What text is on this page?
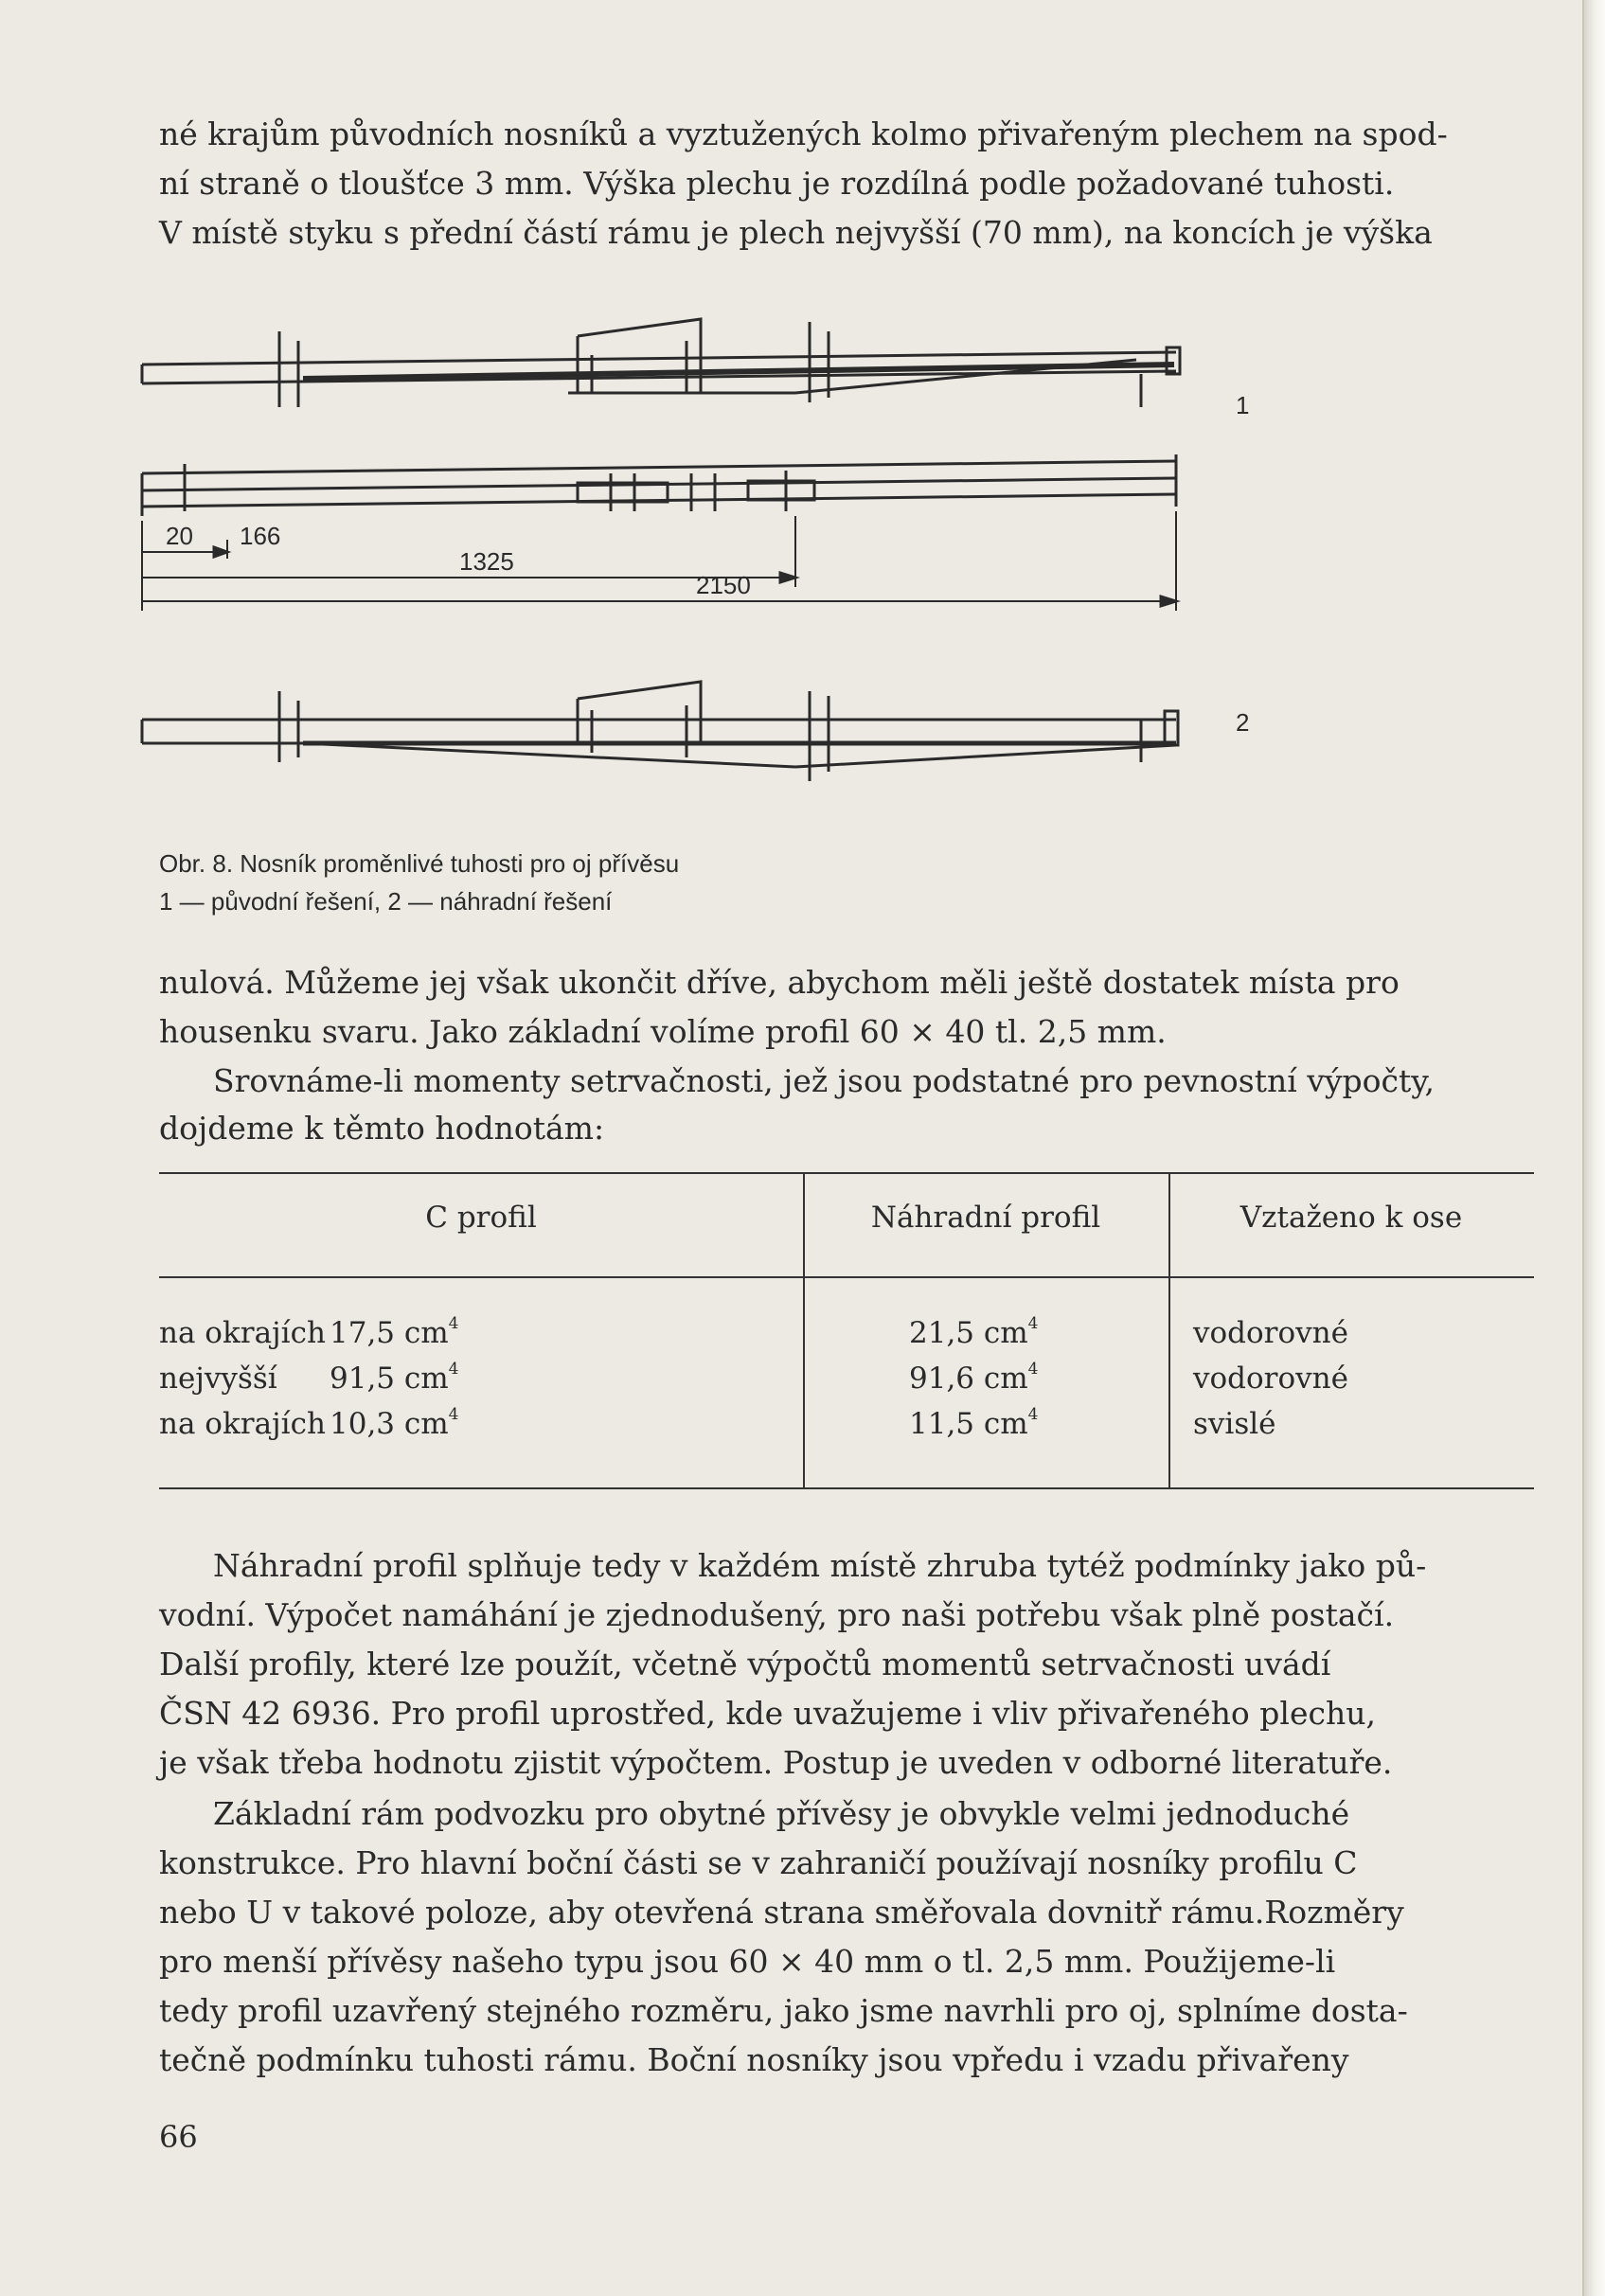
né krajům původních nosníků a vyztužených kolmo přivařeným plechem na spod-

ní straně o tloušťce 3 mm. Výška plechu je rozdílná podle požadované tuhosti.

V místě styku s přední částí rámu je plech nejvyšší (70 mm), na koncích je výška

1
2
20 166
1325
2150

Obr. 8. Nosník proměnlivé tuhosti pro oj přívěsu

1 — původní řešení, 2 — náhradní řešení

nulová. Můžeme jej však ukončit dříve, abychom měli ještě dostatek místa pro

housenku svaru. Jako základní volíme profil 60 × 40 tl. 2,5 mm.

Srovnáme-li momenty setrvačnosti, jež jsou podstatné pro pevnostní výpočty,

dojdeme k těmto hodnotám:

C profil	Náhradní profil	Vztaženo k ose
na okrajích 17,5 $cm^4$	21,5 $cm^4$	vodorovné
nejvyšší 91,5 $cm^4$	91,6 $cm^4$	vodorovné
na okrajích 10,3 $cm^4$	11,5 $cm^4$	svislé

Náhradní profil splňuje tedy v každém místě zhruba tytéž podmínky jako pů-

vodní. Výpočet namáhání je zjednodušený, pro naši potřebu však plně postačí.

Další profily, které lze použít, včetně výpočtů momentů setrvačnosti uvádí

ČSN 42 6936. Pro profil uprostřed, kde uvažujeme i vliv přivařeného plechu,

je však třeba hodnotu zjistit výpočtem. Postup je uveden v odborné literatuře.

Základní rám podvozku pro obytné přívěsy je obvykle velmi jednoduché

konstrukce. Pro hlavní boční části se v zahraničí používají nosníky profilu C

nebo U v takové poloze, aby otevřená strana směřovala dovnitř rámu.Rozměry

pro menší přívěsy našeho typu jsou 60 × 40 mm o tl. 2,5 mm. Použijeme-li

tedy profil uzavřený stejného rozměru, jako jsme navrhli pro oj, splníme dosta-

tečně podmínku tuhosti rámu. Boční nosníky jsou vpředu i vzadu přivařeny

66
